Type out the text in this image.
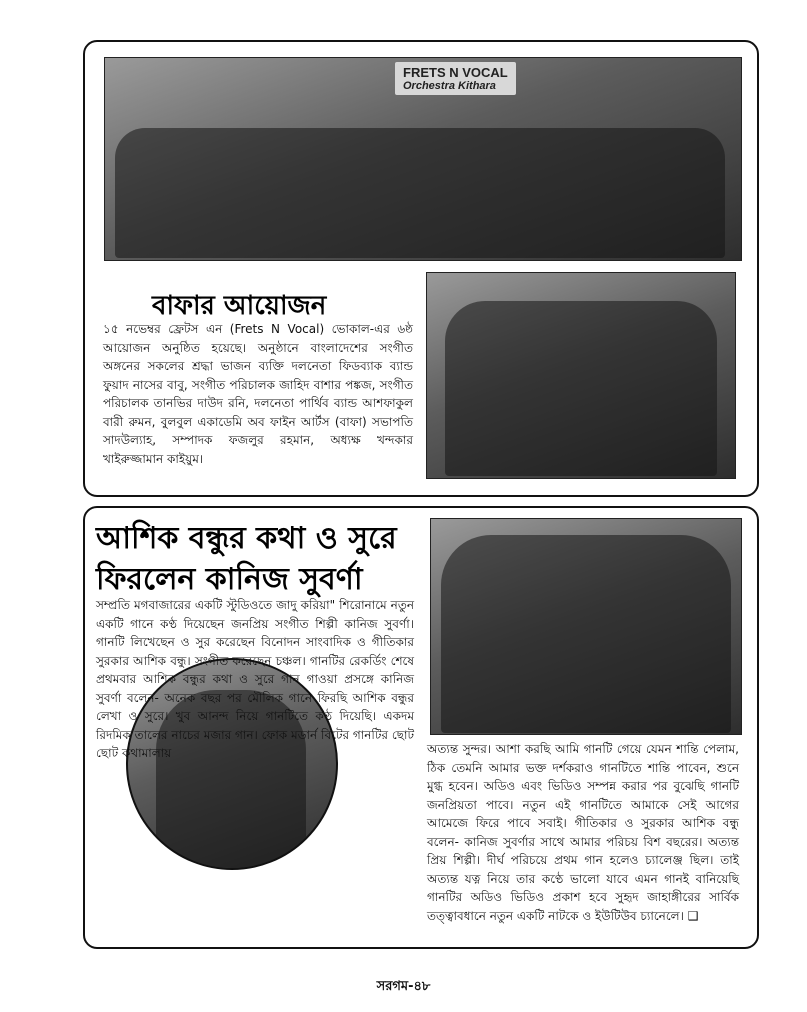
FRETS N VOCAL
Orchestra Kithara
বাফার আয়োজন

১৫ নভেম্বর ফ্রেটস এন (Frets N Vocal) ভোকাল-এর ৬ষ্ঠ আয়োজন অনুষ্ঠিত হয়েছে। অনুষ্ঠানে বাংলাদেশের সংগীত অঙ্গনের সকলের শ্রদ্ধা ভাজন ব্যক্তি দলনেতা ফিডব্যাক ব্যান্ড ফুয়াদ নাসের বাবু, সংগীত পরিচালক জাহিদ বাশার পঙ্কজ, সংগীত পরিচালক তানভির দাউদ রনি, দলনেতা পার্থিব ব্যান্ড আশফাকুল বারী রুমন, বুলবুল একাডেমি অব ফাইন আর্টস (বাফা) সভাপতি সাদউল্যাহ, সম্পাদক ফজলুর রহমান, অধ্যক্ষ খন্দকার খাইরুজ্জামান কাইয়ুম।

আশিক বন্ধুর কথা ও সুরে
ফিরলেন কানিজ সুবর্ণা

সম্প্রতি মগবাজারের একটি স্টুডিওতে জাদু করিয়া" শিরোনামে নতুন একটি গানে কণ্ঠ দিয়েছেন জনপ্রিয় সংগীত শিল্পী কানিজ সুবর্ণা। গানটি লিখেছেন ও সুর করেছেন বিনোদন সাংবাদিক ও গীতিকার সুরকার আশিক বন্ধু। সংগীত করেছেন চঞ্চল। গানটির রেকর্ডিং শেষে প্রথমবার আশিক বন্ধুর কথা ও সুরে গান গাওয়া প্রসঙ্গে কানিজ সুবর্ণা বলেন- অনেক বছর পর মৌলিক গানে ফিরছি আশিক বন্ধুর লেখা ও সুরে। খুব আনন্দ নিয়ে গানটিতে কণ্ঠ দিয়েছি। একদম রিদমিক তালের নাচের মজার গান। ফোক মডার্ন বিটের গানটির ছোট ছোট কথামালায়	অত্যন্ত সুন্দর। আশা করছি আমি গানটি গেয়ে যেমন শান্তি পেলাম, ঠিক তেমনি আমার ভক্ত দর্শকরাও গানটিতে শান্তি পাবেন, শুনে মুগ্ধ হবেন। অডিও এবং ভিডিও সম্পন্ন করার পর বুঝেছি গানটি জনপ্রিয়তা পাবে। নতুন এই গানটিতে আমাকে সেই আগের আমেজে ফিরে পাবে সবাই। গীতিকার ও সুরকার আশিক বন্ধু বলেন- কানিজ সুবর্ণার সাথে আমার পরিচয় বিশ বছরের। অত্যন্ত প্রিয় শিল্পী। দীর্ঘ পরিচয়ে প্রথম গান হলেও চ্যালেঞ্জ ছিল। তাই অত্যন্ত যত্ন নিয়ে তার কণ্ঠে ভালো যাবে এমন গানই বানিয়েছি গানটির অডিও ভিডিও প্রকাশ হবে সুহৃদ জাহাঙ্গীরের সার্বিক তত্ত্বাবধানে নতুন একটি নাটকে ও ইউটিউব চ্যানেলে। ❑

সরগম-৪৮
